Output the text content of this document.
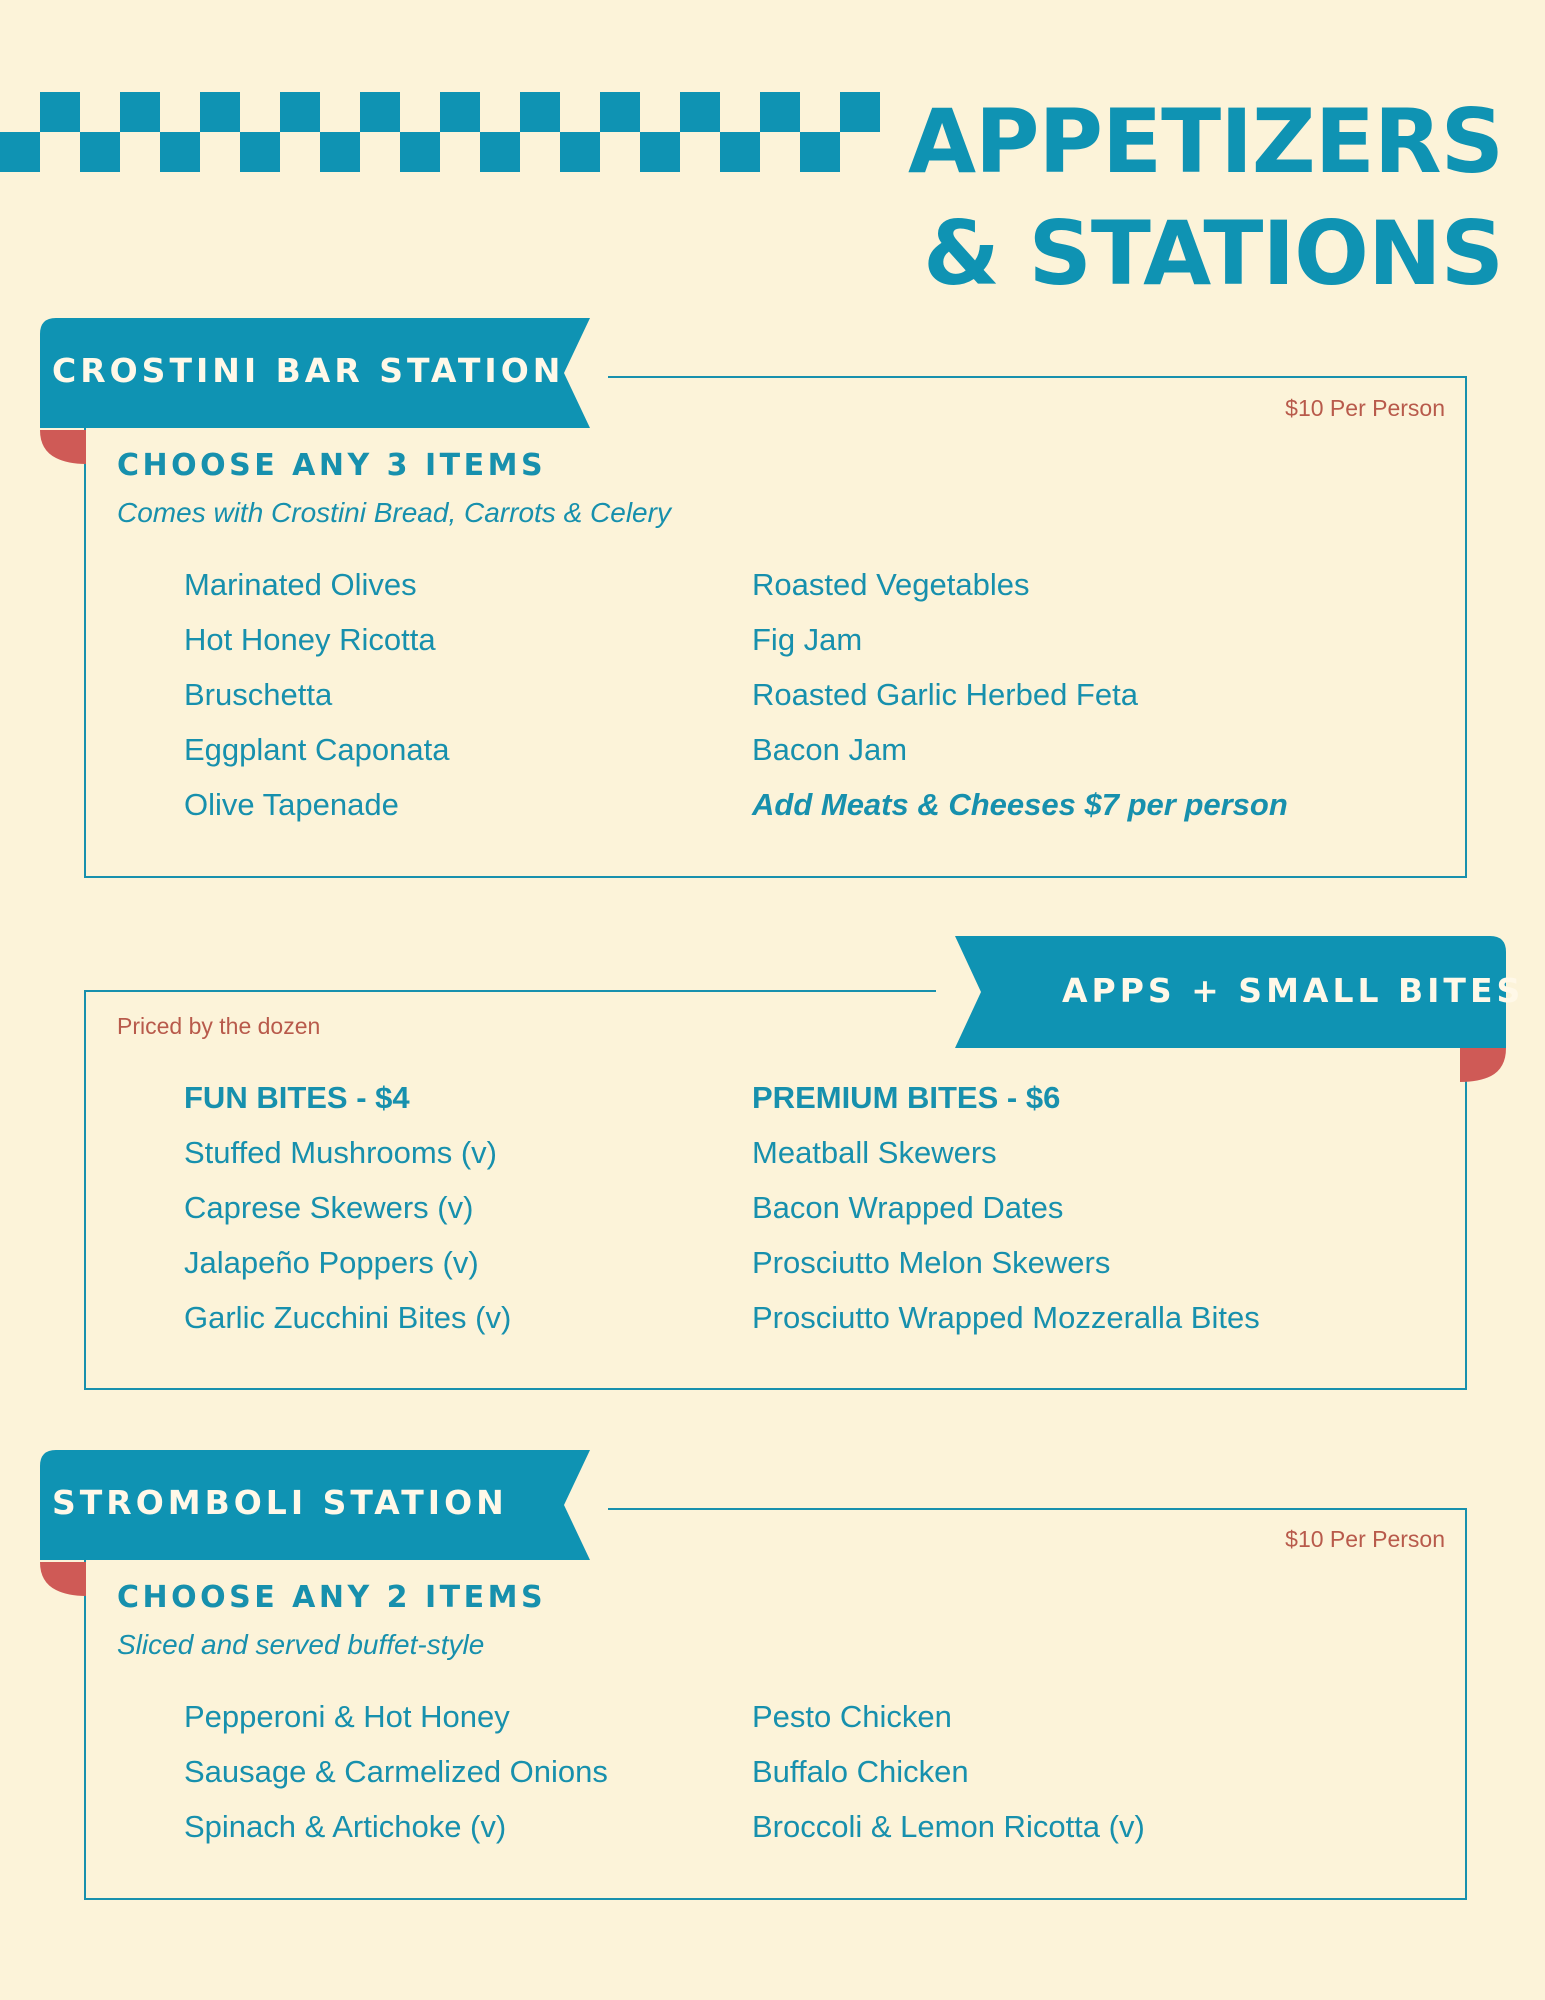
APPETIZERS
& STATIONS
CROSTINI BAR STATION
$10 Per Person
CHOOSE ANY 3 ITEMS
Comes with Crostini Bread, Carrots & Celery
Marinated Olives
Hot Honey Ricotta
Bruschetta
Eggplant Caponata
Olive Tapenade
Roasted Vegetables
Fig Jam
Roasted Garlic Herbed Feta
Bacon Jam
Add Meats & Cheeses $7 per person
APPS + SMALL BITES
Priced by the dozen
FUN BITES - $4
Stuffed Mushrooms (v)
Caprese Skewers (v)
Jalapeño Poppers (v)
Garlic Zucchini Bites (v)
PREMIUM BITES - $6
Meatball Skewers
Bacon Wrapped Dates
Prosciutto Melon Skewers
Prosciutto Wrapped Mozzeralla Bites
STROMBOLI STATION
$10 Per Person
CHOOSE ANY 2 ITEMS
Sliced and served buffet-style
Pepperoni & Hot Honey
Sausage & Carmelized Onions
Spinach & Artichoke (v)
Pesto Chicken
Buffalo Chicken
Broccoli & Lemon Ricotta (v)
